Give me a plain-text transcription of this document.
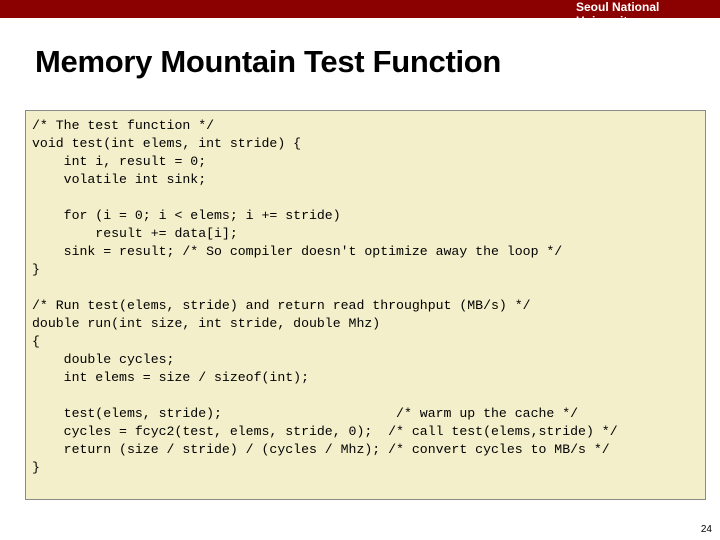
Seoul National University
Memory Mountain Test Function
/* The test function */
void test(int elems, int stride) {
int i, result = 0;
volatile int sink;
for (i = 0; i < elems; i += stride)
result += data[i];
sink = result; /* So compiler doesn't optimize away the loop */
}
/* Run test(elems, stride) and return read throughput (MB/s) */
double run(int size, int stride, double Mhz)
{
double cycles;
int elems = size / sizeof(int);
test(elems, stride);                      /* warm up the cache */
cycles = fcyc2(test, elems, stride, 0);  /* call test(elems,stride) */
return (size / stride) / (cycles / Mhz); /* convert cycles to MB/s */
}
24
